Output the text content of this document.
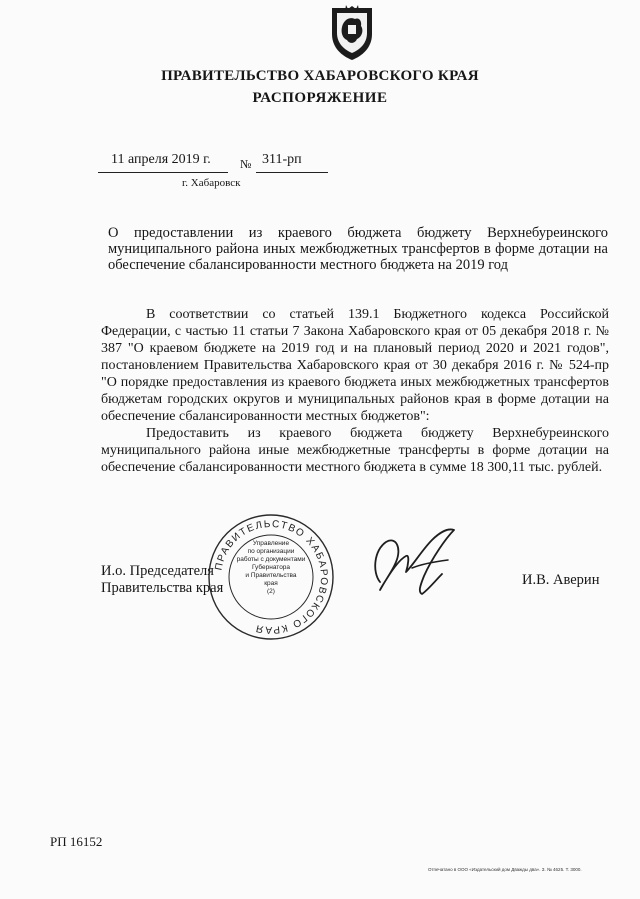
ПРАВИТЕЛЬСТВО ХАБАРОВСКОГО КРАЯ
РАСПОРЯЖЕНИЕ
11 апреля 2019 г. № 311-рп
г. Хабаровск
О предоставлении из краевого бюджета бюджету Верхнебуреинского муниципального района иных межбюджетных трансфертов в форме дотации на обеспечение сбалансированности местного бюджета на 2019 год

В соответствии со статьей 139.1 Бюджетного кодекса Российской Федерации, с частью 11 статьи 7 Закона Хабаровского края от 05 декабря 2018 г. № 387 "О краевом бюджете на 2019 год и на плановый период 2020 и 2021 годов", постановлением Правительства Хабаровского края от 30 декабря 2016 г. № 524-пр "О порядке предоставления из краевого бюджета иных межбюджетных трансфертов бюджетам городских округов и муниципальных районов края в форме дотации на обеспечение сбалансированности местных бюджетов":

Предоставить из краевого бюджета бюджету Верхнебуреинского муниципального района иные межбюджетные трансферты в форме дотации на обеспечение сбалансированности местного бюджета в сумме 18 300,11 тыс. рублей.

И.о. Председателя
Правительства края
ПРАВИТЕЛЬСТВО ХАБАРОВСКОГО КРАЯ
Управление
по организации
работы с документами
Губернатора
и Правительства
края
(2)
И.В. Аверин
РП 16152
Отпечатано в ООО «Издательский дом Дважды два». З. № 4625. Т. 3000.
